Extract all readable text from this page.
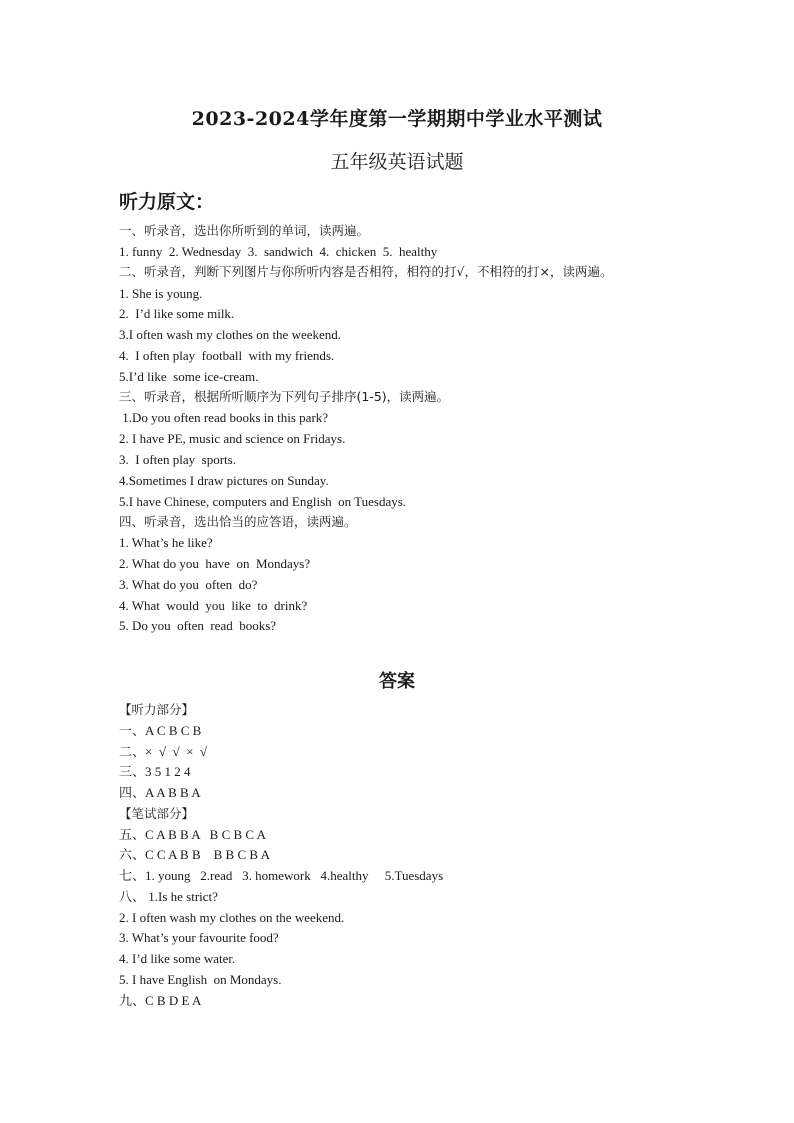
2023-2024学年度第一学期期中学业水平测试
五年级英语试题
听力原文：
一、听录音，选出你所听到的单词，读两遍。
1. funny  2. Wednesday  3.  sandwich  4.  chicken  5.  healthy
二、听录音，判断下列图片与你所听内容是否相符，相符的打√，不相符的打×，读两遍。
1. She is young.
2.  I’d like some milk.
3.I often wash my clothes on the weekend.
4.  I often play  football  with my friends.
5.I’d like  some ice-cream.
三、听录音，根据所听顺序为下列句子排序(1-5)，读两遍。
1.Do you often read books in this park?
2. I have PE, music and science on Fridays.
3.  I often play  sports.
4.Sometimes I draw pictures on Sunday.
5.I have Chinese, computers and English  on Tuesdays.
四、听录音，选出恰当的应答语，读两遍。
1. What’s he like?
2. What do you  have  on  Mondays?
3. What do you  often  do?
4. What  would  you  like  to  drink?
5. Do you  often  read  books?
答案
【听力部分】
一、A C B C B
二、×  √  √  ×  √
三、3 5 1 2 4
四、A A B B A
【笔试部分】
五、C A B B A   B C B C A
六、C C A B B    B B C B A
七、1. young   2.read   3. homework   4.healthy     5.Tuesdays
八、 1.Is he strict?
2. I often wash my clothes on the weekend.
3. What’s your favourite food?
4. I’d like some water.
5. I have English  on Mondays.
九、C B D E A
